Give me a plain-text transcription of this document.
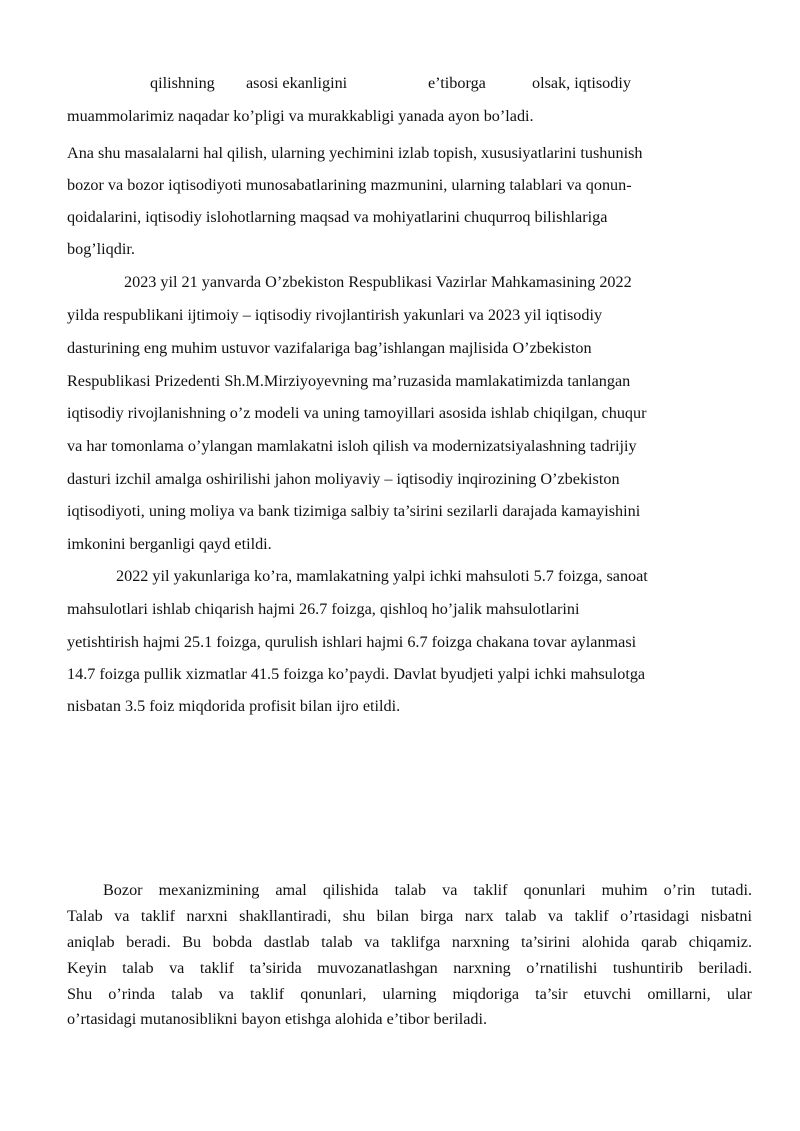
qilishning asosi ekanligini	e’tiborga	olsak, iqtisodiy
muammolarimiz naqadar ko’pligi va murakkabligi yanada ayon bo’ladi.
Ana shu masalalarni hal qilish, ularning yechimini izlab topish, xususiyatlarini tushunish
bozor va bozor iqtisodiyoti munosabatlarining mazmunini, ularning talablari va qonun-
qoidalarini, iqtisodiy islohotlarning maqsad va mohiyatlarini chuqurroq bilishlariga
bog’liqdir.
2023 yil 21 yanvarda O’zbekiston Respublikasi Vazirlar Mahkamasining 2022
yilda respublikani ijtimoiy – iqtisodiy rivojlantirish yakunlari va 2023 yil iqtisodiy
dasturining eng muhim ustuvor vazifalariga bag’ishlangan majlisida O’zbekiston
Respublikasi Prizedenti Sh.M.Mirziyoyevning ma’ruzasida mamlakatimizda tanlangan
iqtisodiy rivojlanishning o’z modeli va uning tamoyillari asosida ishlab chiqilgan, chuqur
va har tomonlama o’ylangan mamlakatni isloh qilish va modernizatsiyalashning tadrijiy
dasturi izchil amalga oshirilishi jahon moliyaviy – iqtisodiy inqirozining O’zbekiston
iqtisodiyoti, uning moliya va bank tizimiga salbiy ta’sirini sezilarli darajada kamayishini
imkonini berganligi qayd etildi.
2022 yil yakunlariga ko’ra, mamlakatning yalpi ichki mahsuloti 5.7 foizga, sanoat
mahsulotlari ishlab chiqarish hajmi 26.7 foizga, qishloq ho’jalik mahsulotlarini
yetishtirish hajmi 25.1 foizga, qurulish ishlari hajmi 6.7 foizga chakana tovar aylanmasi
14.7 foizga pullik xizmatlar 41.5 foizga ko’paydi. Davlat byudjeti yalpi ichki mahsulotga
nisbatan 3.5 foiz miqdorida profisit bilan ijro etildi.
Bozor mexanizmining amal qilishida talab va taklif qonunlari muhim o’rin tutadi.
Talab va taklif narxni shakllantiradi, shu bilan birga narx talab va taklif o’rtasidagi nisbatni
aniqlab beradi. Bu bobda dastlab talab va taklifga narxning ta’sirini alohida qarab chiqamiz.
Keyin talab va taklif ta’sirida muvozanatlashgan narxning o’rnatilishi tushuntirib beriladi.
Shu o’rinda talab va taklif qonunlari, ularning miqdoriga ta’sir etuvchi omillarni, ular
o’rtasidagi mutanosiblikni bayon etishga alohida e’tibor beriladi.
